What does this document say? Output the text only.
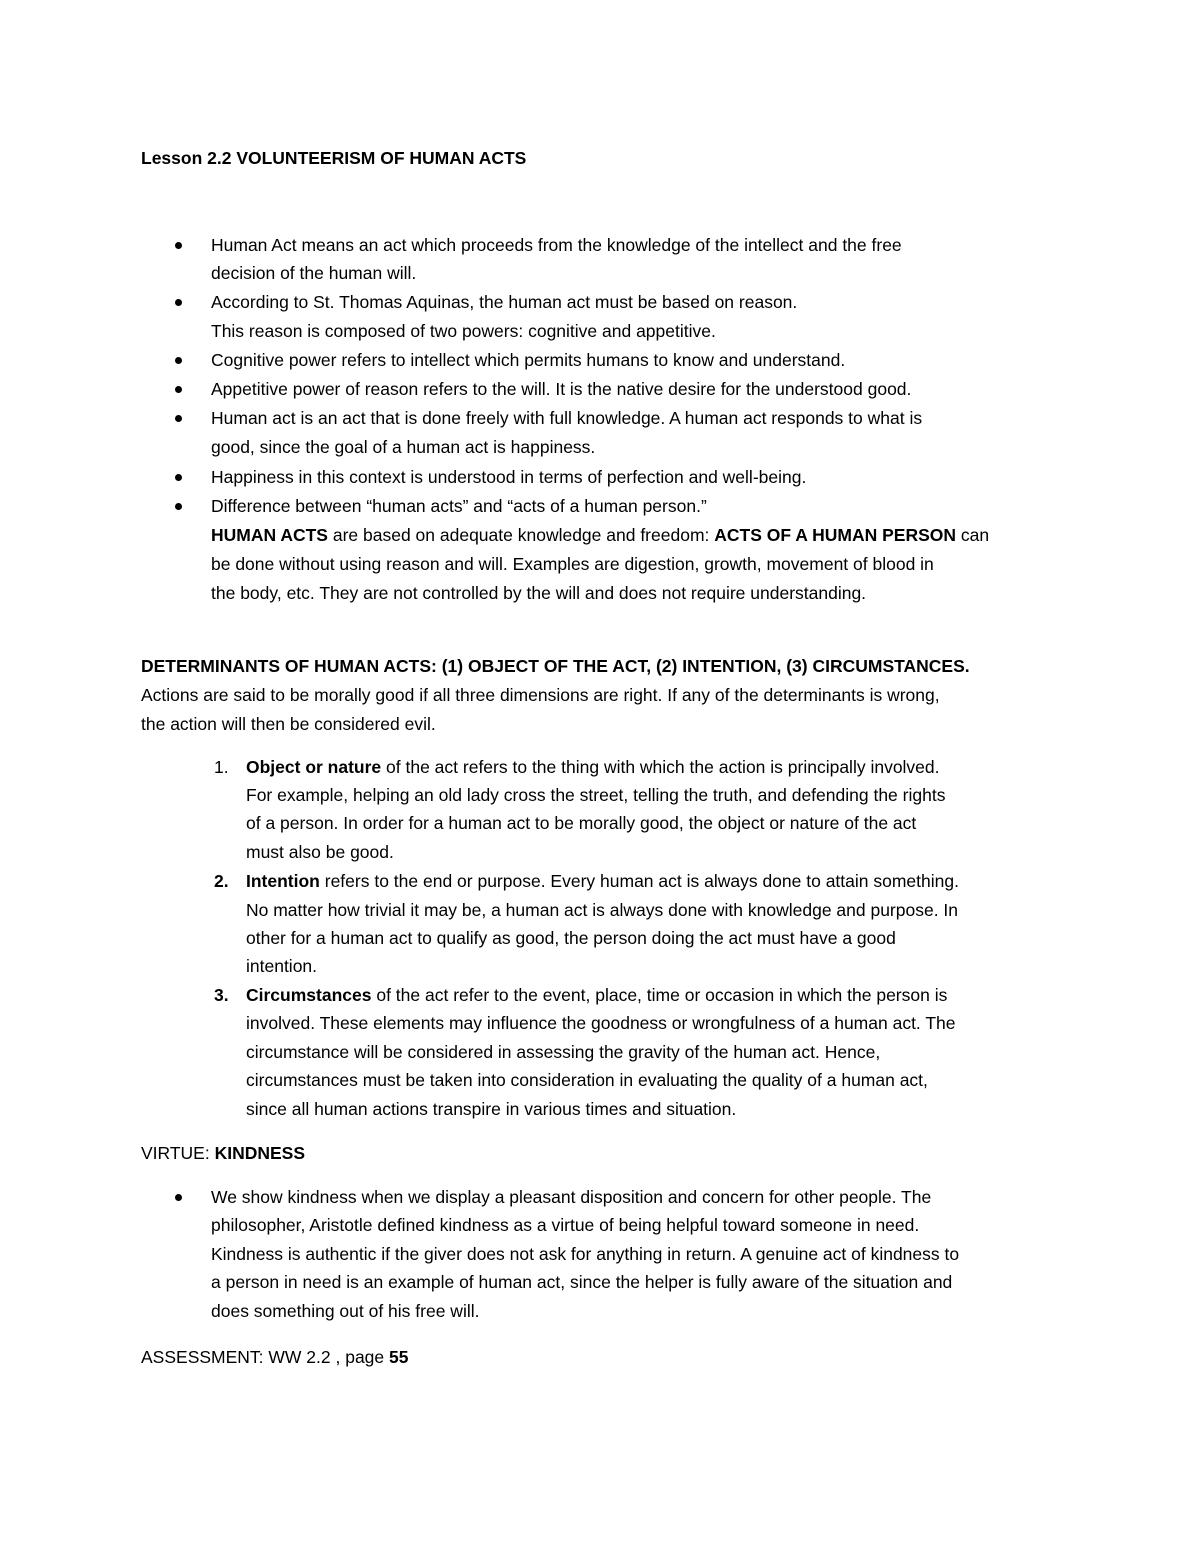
Lesson 2.2 VOLUNTEERISM OF HUMAN ACTS
Human Act means an act which proceeds from the knowledge of the intellect and the free
decision of the human will.
According to St. Thomas Aquinas, the human act must be based on reason.
This reason is composed of two powers: cognitive and appetitive.
Cognitive power refers to intellect which permits humans to know and understand.
Appetitive power of reason refers to the will. It is the native desire for the understood good.
Human act is an act that is done freely with full knowledge. A human act responds to what is
good, since the goal of a human act is happiness.
Happiness in this context is understood in terms of perfection and well-being.
Difference between “human acts” and “acts of a human person.”
HUMAN ACTS are based on adequate knowledge and freedom: ACTS OF A HUMAN PERSON can
be done without using reason and will. Examples are digestion, growth, movement of blood in
the body, etc. They are not controlled by the will and does not require understanding.
DETERMINANTS OF HUMAN ACTS: (1) OBJECT OF THE ACT, (2) INTENTION, (3) CIRCUMSTANCES.
Actions are said to be morally good if all three dimensions are right. If any of the determinants is wrong,
the action will then be considered evil.
1. Object or nature of the act refers to the thing with which the action is principally involved.
For example, helping an old lady cross the street, telling the truth, and defending the rights
of a person. In order for a human act to be morally good, the object or nature of the act
must also be good.
2. Intention refers to the end or purpose. Every human act is always done to attain something.
No matter how trivial it may be, a human act is always done with knowledge and purpose. In
other for a human act to qualify as good, the person doing the act must have a good
intention.
3. Circumstances of the act refer to the event, place, time or occasion in which the person is
involved. These elements may influence the goodness or wrongfulness of a human act. The
circumstance will be considered in assessing the gravity of the human act. Hence,
circumstances must be taken into consideration in evaluating the quality of a human act,
since all human actions transpire in various times and situation.
VIRTUE: KINDNESS
We show kindness when we display a pleasant disposition and concern for other people. The
philosopher, Aristotle defined kindness as a virtue of being helpful toward someone in need.
Kindness is authentic if the giver does not ask for anything in return. A genuine act of kindness to
a person in need is an example of human act, since the helper is fully aware of the situation and
does something out of his free will.
ASSESSMENT: WW 2.2 , page 55
